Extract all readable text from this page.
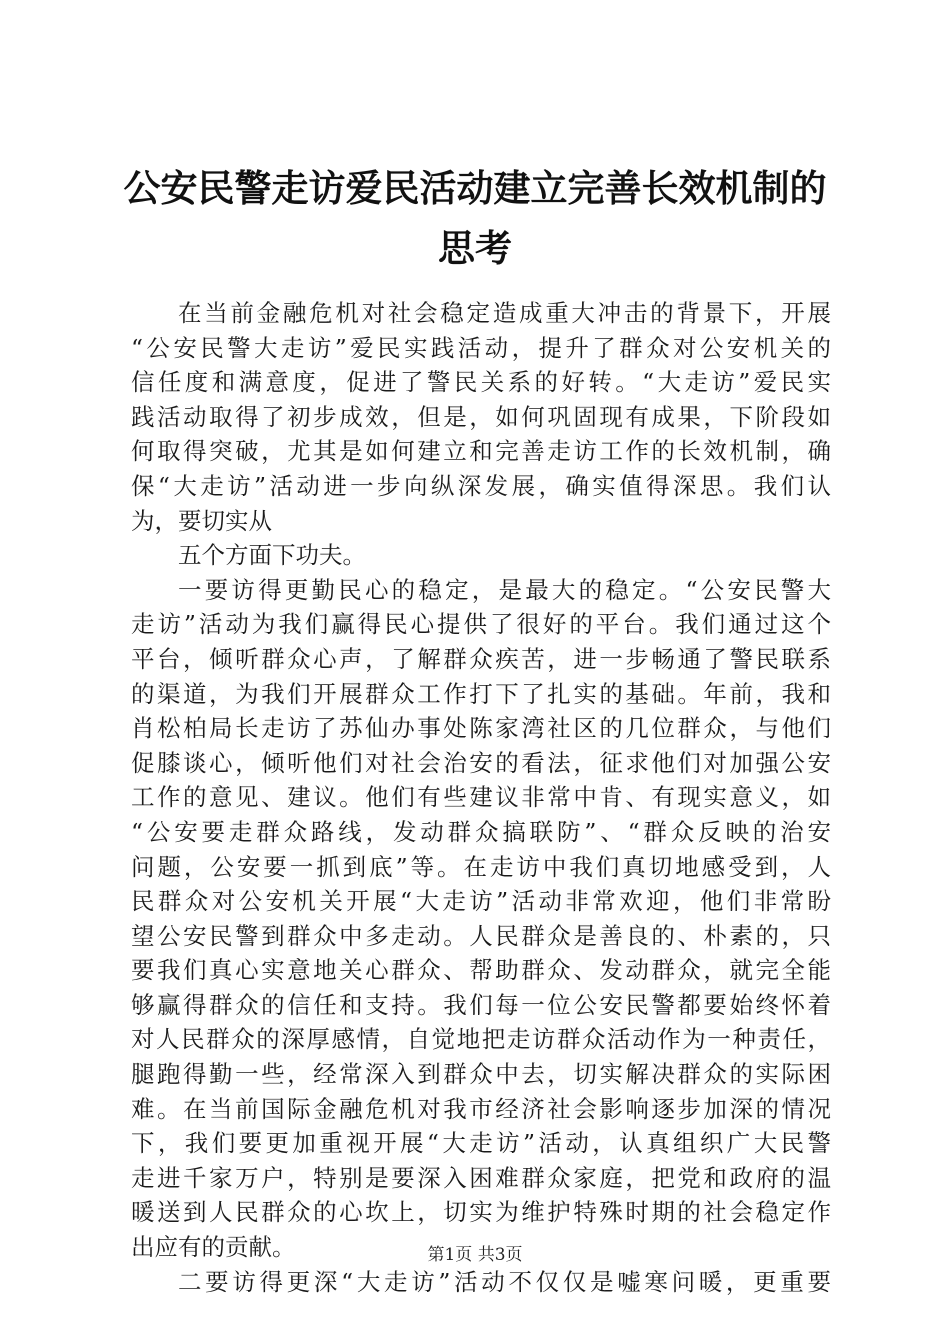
公安民警走访爱民活动建立完善长效机制的思考
在当前金融危机对社会稳定造成重大冲击的背景下，开展
“公安民警大走访”爱民实践活动，提升了群众对公安机关的
信任度和满意度，促进了警民关系的好转。“大走访”爱民实
践活动取得了初步成效，但是，如何巩固现有成果，下阶段如
何取得突破，尤其是如何建立和完善走访工作的长效机制，确
保“大走访”活动进一步向纵深发展，确实值得深思。我们认
为，要切实从
五个方面下功夫。
一要访得更勤民心的稳定，是最大的稳定。“公安民警大
走访”活动为我们赢得民心提供了很好的平台。我们通过这个
平台，倾听群众心声，了解群众疾苦，进一步畅通了警民联系
的渠道，为我们开展群众工作打下了扎实的基础。年前，我和
肖松柏局长走访了苏仙办事处陈家湾社区的几位群众，与他们
促膝谈心，倾听他们对社会治安的看法，征求他们对加强公安
工作的意见、建议。他们有些建议非常中肯、有现实意义，如
“公安要走群众路线，发动群众搞联防”、“群众反映的治安
问题，公安要一抓到底”等。在走访中我们真切地感受到，人
民群众对公安机关开展“大走访”活动非常欢迎，他们非常盼
望公安民警到群众中多走动。人民群众是善良的、朴素的，只
要我们真心实意地关心群众、帮助群众、发动群众，就完全能
够赢得群众的信任和支持。我们每一位公安民警都要始终怀着
对人民群众的深厚感情，自觉地把走访群众活动作为一种责任，
腿跑得勤一些，经常深入到群众中去，切实解决群众的实际困
难。在当前国际金融危机对我市经济社会影响逐步加深的情况
下，我们要更加重视开展“大走访”活动，认真组织广大民警
走进千家万户，特别是要深入困难群众家庭，把党和政府的温
暖送到人民群众的心坎上，切实为维护特殊时期的社会稳定作
出应有的贡献。
二要访得更深“大走访”活动不仅仅是嘘寒问暖，更重要
第1页 共3页
